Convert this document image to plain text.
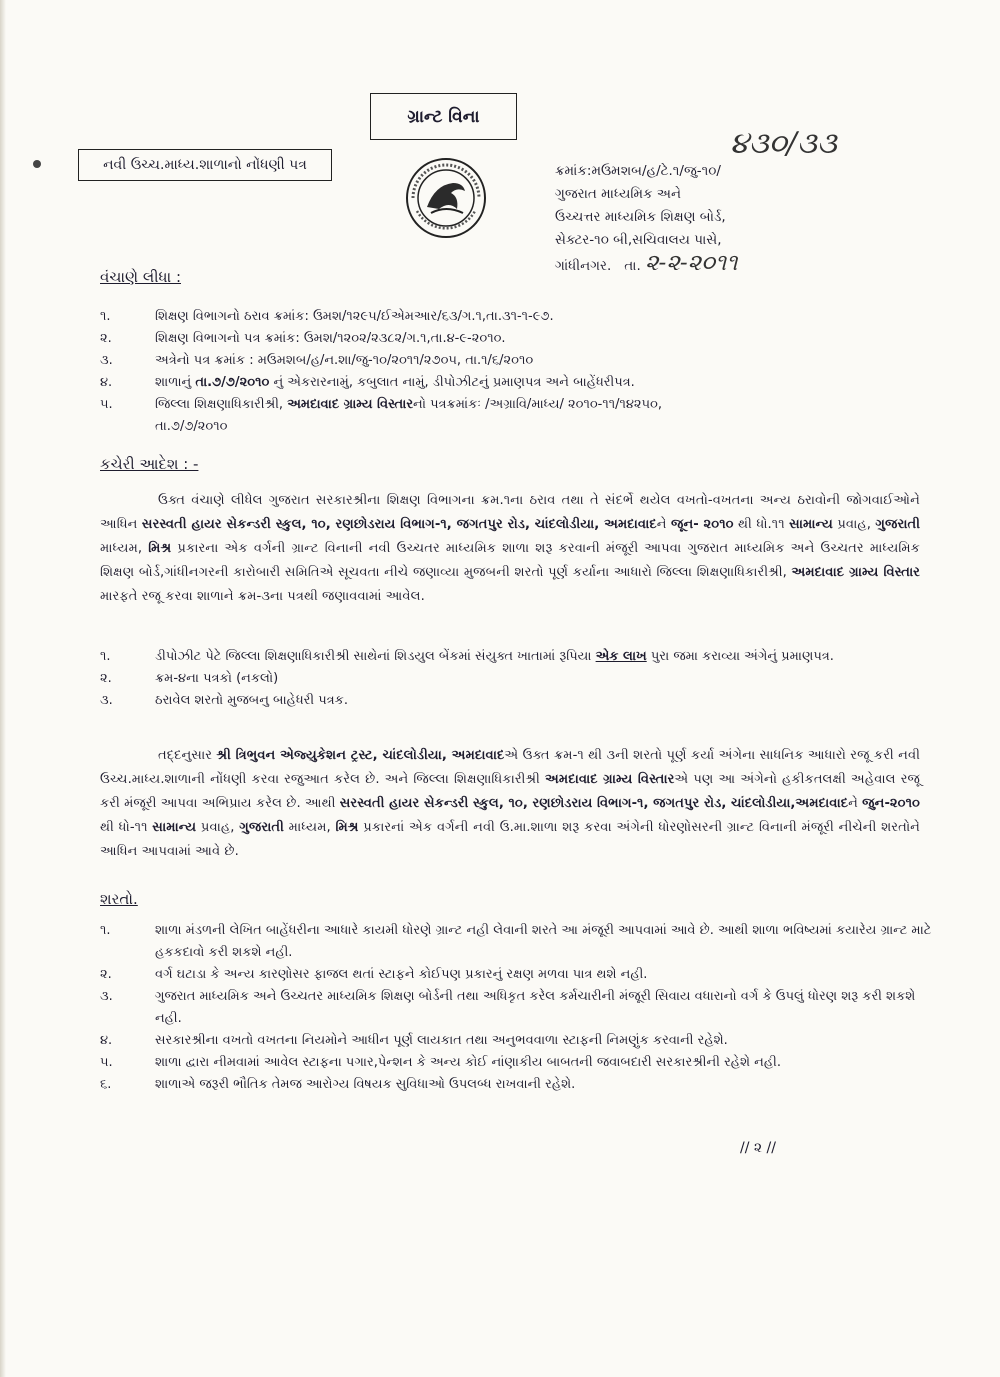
ગ્રાન્ટ વિના
નવી ઉચ્ચ.માધ્ય.શાળાનો નોંધણી પત્ર
૪૩૦/૩૩
ક્રમાંક:મઉમશબ/હ/ટે.૧/જુ-૧૦/
ગુજરાત માધ્યમિક અને
ઉચ્ચત્તર માધ્યમિક શિક્ષણ બોર્ડ,
સેક્ટર-૧૦ બી,સચિવાલય પાસે,
ગાંધીનગર. તા. ૨-૨-૨૦૧૧
વંચાણે લીધા :

૧.	શિક્ષણ વિભાગનો ઠરાવ ક્રમાંક: ઉમશ/૧૨૯૫/ઈએમઆર/૬૩/ગ.૧,તા.૩૧-૧-૯૭.

૨.	શિક્ષણ વિભાગનો પત્ર ક્રમાંક: ઉમશ/૧૨૦૨/૨૩૮૨/ગ.૧,તા.૪-૯-૨૦૧૦.

૩.	અત્રેનો પત્ર ક્રમાંક : મઉમશબ/હ/ન.શા/જુ-૧૦/૨૦૧૧/૨૭૦૫, તા.૧/૬/૨૦૧૦

૪.	શાળાનું તા.૭/૭/૨૦૧૦ નું એકરારનામું, કબુલાત નામું, ડીપોઝીટનું પ્રમાણપત્ર અને બાહેંધરીપત્ર.

૫.	જિલ્લા શિક્ષણાધિકારીશ્રી, અમદાવાદ ગ્રામ્ય વિસ્તારનો પત્રક્રમાંકઃ /અગ્રાવિ/માધ્ય/ ૨૦૧૦-૧૧/૧૪૨૫૦,
તા.૭/૭/૨૦૧૦

કચેરી આદેશ : -

ઉક્ત વંચાણે લીધેલ ગુજરાત સરકારશ્રીના શિક્ષણ વિભાગના ક્રમ.૧ના ઠરાવ તથા તે સંદર્ભે થયેલ વખતો-વખતના અન્ય ઠરાવોની જોગવાઈઓને આધિન સરસ્વતી હાયર સેકન્ડરી સ્કુલ, ૧૦, રણછોડરાય વિભાગ-૧, જગતપુર રોડ, ચાંદલોડીયા, અમદાવાદને જૂન- ૨૦૧૦ થી ધો.૧૧ સામાન્ય પ્રવાહ, ગુજરાતી માધ્યમ, મિશ્ર પ્રકારના એક વર્ગની ગ્રાન્ટ વિનાની નવી ઉચ્ચતર માધ્યમિક શાળા શરૂ કરવાની મંજૂરી આપવા ગુજરાત માધ્યમિક અને ઉચ્ચતર માધ્યમિક શિક્ષણ બોર્ડ,ગાંધીનગરની કારોબારી સમિતિએ સૂચવતા નીચે જણાવ્યા મુજબની શરતો પૂર્ણ કર્યાના આધારો જિલ્લા શિક્ષણાધિકારીશ્રી, અમદાવાદ ગ્રામ્ય વિસ્તાર મારફતે રજૂ કરવા શાળાને ક્રમ-૩ના પત્રથી જણાવવામાં આવેલ.

૧.	ડીપોઝીટ પેટે જિલ્લા શિક્ષણાધિકારીશ્રી સાથેનાં શિડયુલ બેંકમાં સંયુક્ત ખાતામાં રૂપિયા એક લાખ પુરા જમા કરાવ્યા અંગેનું પ્રમાણપત્ર.

૨.	ક્રમ-૪ના પત્રકો (નકલો)

૩.	ઠરાવેલ શરતો મુજબનુ બાહેધરી પત્રક.

તદ્દનુસાર શ્રી ત્રિભુવન એજ્યુકેશન ટ્રસ્ટ, ચાંદલોડીયા, અમદાવાદએ ઉક્ત ક્રમ-૧ થી ૩ની શરતો પૂર્ણ કર્યા અંગેના સાધનિક આધારો રજૂ કરી નવી ઉચ્ચ.માધ્ય.શાળાની નોંધણી કરવા રજુઆત કરેલ છે. અને જિલ્લા શિક્ષણાધિકારીશ્રી અમદાવાદ ગ્રામ્ય વિસ્તારએ પણ આ અંગેનો હકીકતલક્ષી અહેવાલ રજૂ કરી મંજૂરી આપવા અભિપ્રાય કરેલ છે. આથી સરસ્વતી હાયર સેકન્ડરી સ્કુલ, ૧૦, રણછોડરાય વિભાગ-૧, જગતપુર રોડ, ચાંદલોડીયા,અમદાવાદને જુન-૨૦૧૦ થી ધો-૧૧ સામાન્ય પ્રવાહ, ગુજરાતી માધ્યમ, મિશ્ર પ્રકારનાં એક વર્ગની નવી ઉ.મા.શાળા શરૂ કરવા અંગેની ધોરણોસરની ગ્રાન્ટ વિનાની મંજૂરી નીચેની શરતોને આધિન આપવામાં આવે છે.

શરતો.

૧.	શાળા મંડળની લેખિત બાહેંધરીના આધારે કાયમી ધોરણે ગ્રાન્ટ નહી લેવાની શરતે આ મંજૂરી આપવામાં આવે છે. આથી શાળા ભવિષ્યમાં કયારેય ગ્રાન્ટ માટે હકકદાવો કરી શકશે નહી.

૨.	વર્ગ ઘટાડા કે અન્ય કારણોસર ફાજલ થતાં સ્ટાફને કોઈપણ પ્રકારનું રક્ષણ મળવા પાત્ર થશે નહી.

૩.	ગુજરાત માધ્યમિક અને ઉચ્ચતર માધ્યમિક શિક્ષણ બોર્ડની તથા અધિકૃત કરેલ કર્મચારીની મંજૂરી સિવાય વધારાનો વર્ગ કે ઉપલું ધોરણ શરૂ કરી શકશે નહી.

૪.	સરકારશ્રીના વખતો વખતના નિયમોને આધીન પૂર્ણ લાયકાત તથા અનુભવવાળા સ્ટાફની નિમણુંક કરવાની રહેશે.

૫.	શાળા દ્વારા નીમવામાં આવેલ સ્ટાફના પગાર,પેન્શન કે અન્ય કોઈ નાંણાકીય બાબતની જવાબદારી સરકારશ્રીની રહેશે નહી.

૬.	શાળાએ જરૂરી ભૌતિક તેમજ આરોગ્ય વિષયક સુવિધાઓ ઉપલબ્ધ રાખવાની રહેશે.

// ૨ //
